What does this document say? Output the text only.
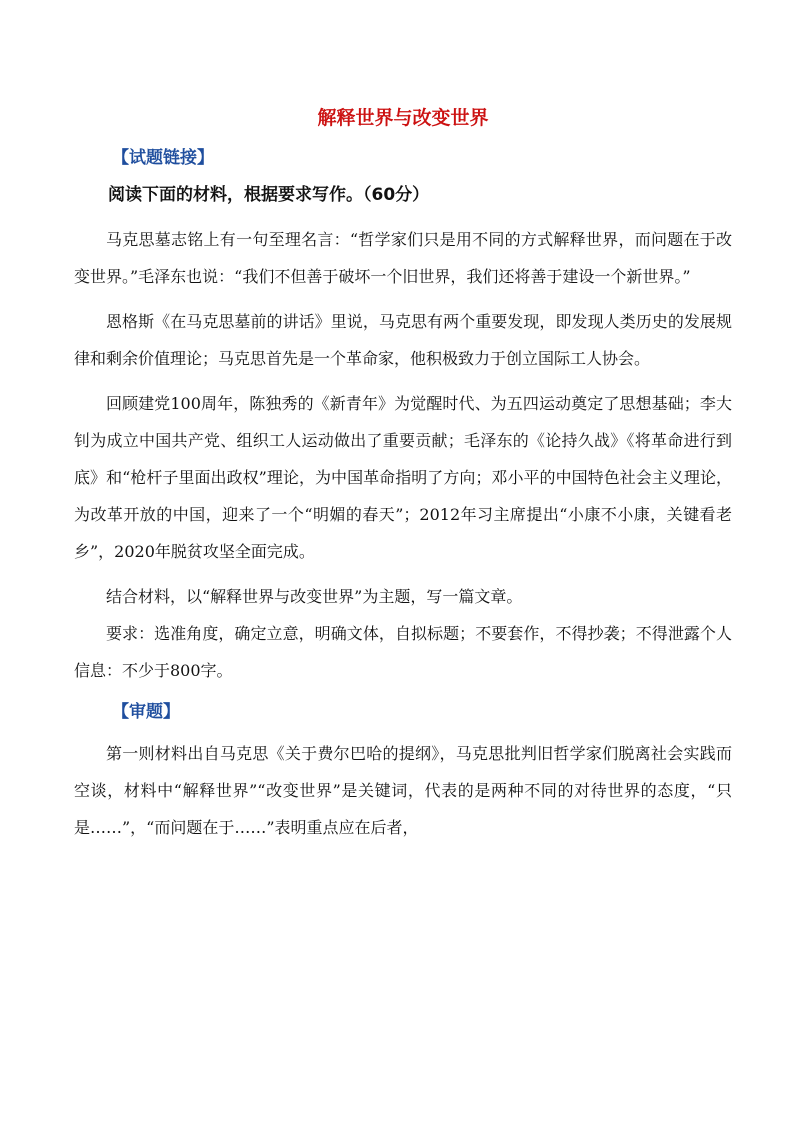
解释世界与改变世界
【试题链接】
阅读下面的材料，根据要求写作。（60分）

马克思墓志铭上有一句至理名言：“哲学家们只是用不同的方式解释世界，而问题在于改变世界。”毛泽东也说：“我们不但善于破坏一个旧世界，我们还将善于建设一个新世界。”

恩格斯《在马克思墓前的讲话》里说，马克思有两个重要发现，即发现人类历史的发展规律和剩余价值理论；马克思首先是一个革命家，他积极致力于创立国际工人协会。

回顾建党100周年，陈独秀的《新青年》为觉醒时代、为五四运动奠定了思想基础；李大钊为成立中国共产党、组织工人运动做出了重要贡献；毛泽东的《论持久战》《将革命进行到底》和“枪杆子里面出政权”理论，为中国革命指明了方向；邓小平的中国特色社会主义理论，为改革开放的中国，迎来了一个“明媚的春天”；2012年习主席提出“小康不小康，关键看老乡”，2020年脱贫攻坚全面完成。

结合材料，以“解释世界与改变世界”为主题，写一篇文章。

要求：选准角度，确定立意，明确文体，自拟标题；不要套作，不得抄袭；不得泄露个人信息：不少于800字。

【审题】

第一则材料出自马克思《关于费尔巴哈的提纲》，马克思批判旧哲学家们脱离社会实践而空谈，材料中“解释世界”“改变世界”是关键词，代表的是两种不同的对待世界的态度，“只是……”，“而问题在于……”表明重点应在后者，
